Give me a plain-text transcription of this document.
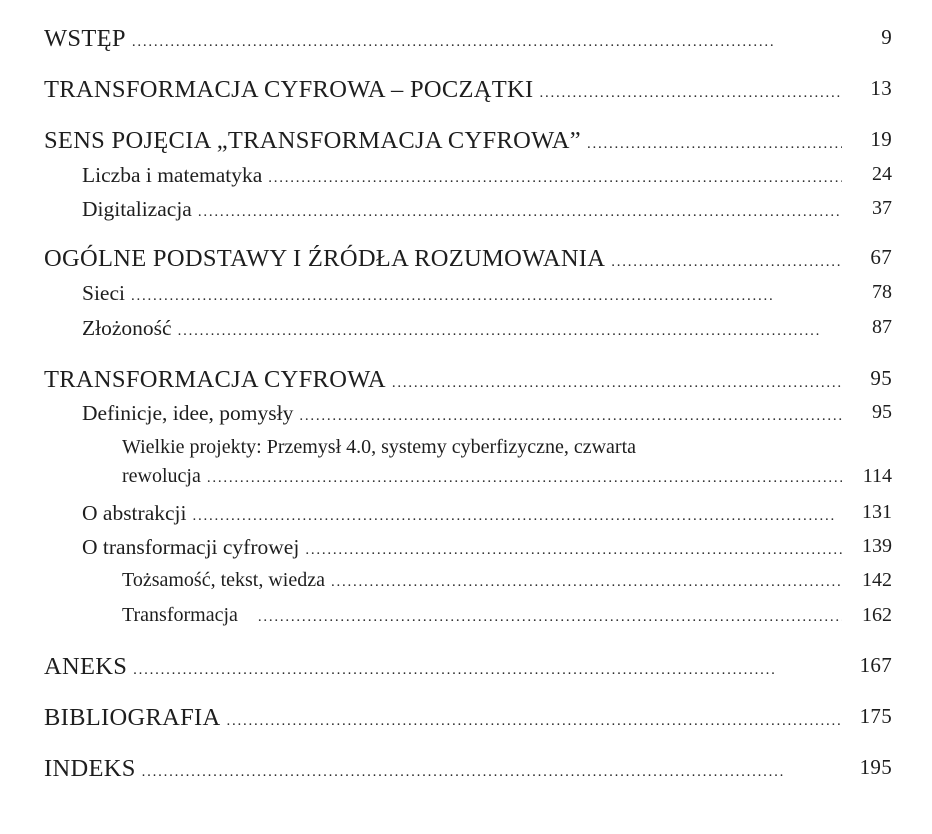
WSTĘP . . .	9
TRANSFORMACJA CYFROWA – POCZĄTKI . . .	13
SENS POJĘCIA „TRANSFORMACJA CYFROWA” . . .	19
Liczba i matematyka . . .	24
Digitalizacja . . .	37
OGÓLNE PODSTAWY I ŹRÓDŁA ROZUMOWANIA . . .	67
Sieci . . .	78
Złożoność . . .	87
TRANSFORMACJA CYFROWA . . .	95
Definicje, idee, pomysły . . .	95
Wielkie projekty: Przemysł 4.0, systemy cyberfizyczne, czwarta
rewolucja . . .	114
O abstrakcji . . .	131
O transformacji cyfrowej . . .	139
Tożsamość, tekst, wiedza . . .	142
Transformacja . . .	162
ANEKS . . .	167
BIBLIOGRAFIA . . .	175
INDEKS . . .	195
